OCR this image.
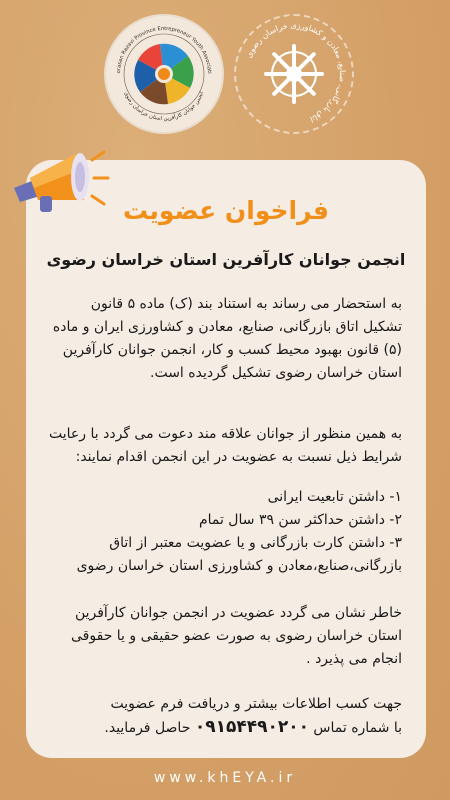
orasan Razavi Province Entrepreneur Youth Associati
انجمن جوانان کارآفرین استان خراسان رضوی
اتاق بازرگانی، صنایع، معادن و کشاورزی خراسان رضوی
فراخوان عضویت
انجمن جوانان کارآفرین استان خراسان رضوی
به استحضار می رساند به استناد بند (ک) ماده ۵ قانون تشکیل اتاق بازرگانی، صنایع، معادن و کشاورزی ایران و ماده (۵) قانون بهبود محیط کسب و کار، انجمن جوانان کارآفرین استان خراسان رضوی تشکیل گردیده است.
به همین منظور از جوانان علاقه مند دعوت می گردد با رعایت شرایط ذیل نسبت به عضویت در این انجمن اقدام نمایند:
۱- داشتن تابعیت ایرانی
۲- داشتن حداکثر سن ۳۹ سال تمام
۳- داشتن کارت بازرگانی و یا عضویت معتبر از اتاق بازرگانی،صنایع،معادن و کشاورزی استان خراسان رضوی
خاطر نشان می گردد عضویت در انجمن جوانان کارآفرین استان خراسان رضوی به صورت عضو حقیقی و یا حقوقی انجام می پذیرد .
جهت کسب اطلاعات بیشتر و دریافت فرم عضویت
با شماره تماس ۰۹۱۵۴۴۹۰۲۰۰ حاصل فرمایید.
www.khEYA.ir
